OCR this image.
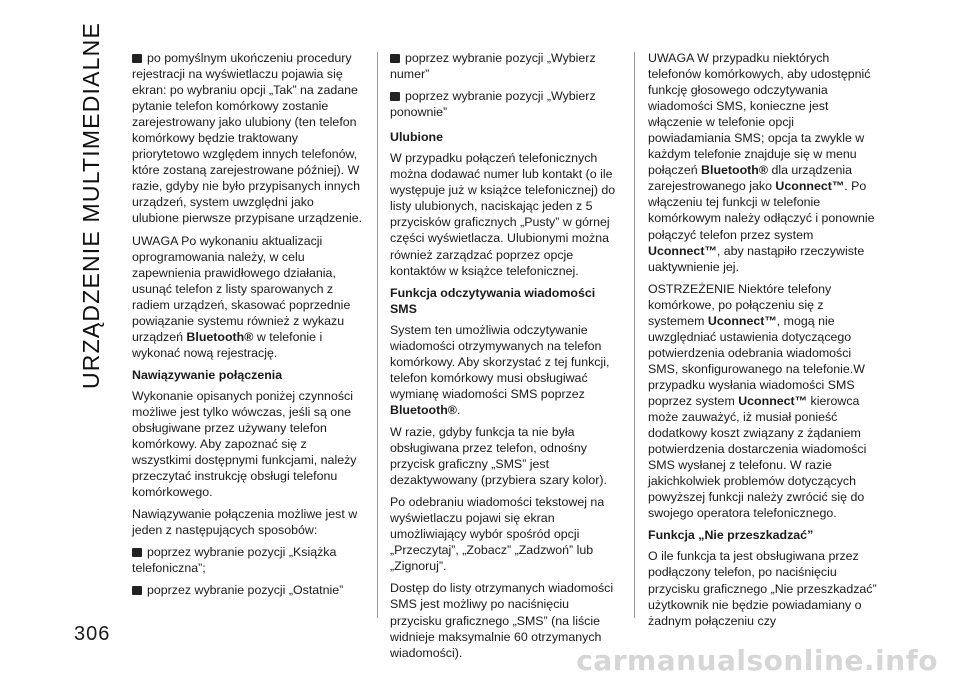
URZĄDZENIE MULTIMEDIALNE	po pomyślnym ukończeniu procedury rejestracji na wyświetlaczu pojawia się ekran: po wybraniu opcji „Tak” na zadane pytanie telefon komórkowy zostanie zarejestrowany jako ulubiony (ten telefon komórkowy będzie traktowany priorytetowo względem innych telefonów, które zostaną zarejestrowane później). W razie, gdyby nie było przypisanych innych urządzeń, system uwzględni jako ulubione pierwsze przypisane urządzenie.

UWAGA Po wykonaniu aktualizacji oprogramowania należy, w celu zapewnienia prawidłowego działania, usunąć telefon z listy sparowanych z radiem urządzeń, skasować poprzednie powiązanie systemu również z wykazu urządzeń Bluetooth® w telefonie i wykonać nową rejestrację.

Nawiązywanie połączenia

Wykonanie opisanych poniżej czynności możliwe jest tylko wówczas, jeśli są one obsługiwane przez używany telefon komórkowy. Aby zapoznać się z wszystkimi dostępnymi funkcjami, należy przeczytać instrukcję obsługi telefonu komórkowego.

Nawiązywanie połączenia możliwe jest w jeden z następujących sposobów:

poprzez wybranie pozycji „Książka telefoniczna”;

poprzez wybranie pozycji „Ostatnie”

poprzez wybranie pozycji „Wybierz numer”

poprzez wybranie pozycji „Wybierz ponownie”

Ulubione

W przypadku połączeń telefonicznych można dodawać numer lub kontakt (o ile występuje już w książce telefonicznej) do listy ulubionych, naciskając jeden z 5 przycisków graficznych „Pusty” w górnej części wyświetlacza. Ulubionymi można również zarządzać poprzez opcje kontaktów w książce telefonicznej.

Funkcja odczytywania wiadomości SMS

System ten umożliwia odczytywanie wiadomości otrzymywanych na telefon komórkowy. Aby skorzystać z tej funkcji, telefon komórkowy musi obsługiwać wymianę wiadomości SMS poprzez Bluetooth®.

W razie, gdyby funkcja ta nie była obsługiwana przez telefon, odnośny przycisk graficzny „SMS” jest dezaktywowany (przybiera szary kolor).

Po odebraniu wiadomości tekstowej na wyświetlaczu pojawi się ekran umożliwiający wybór spośród opcji „Przeczytaj”, „Zobacz” „Zadzwoń” lub „Zignoruj”.

Dostęp do listy otrzymanych wiadomości SMS jest możliwy po naciśnięciu przycisku graficznego „SMS” (na liście widnieje maksymalnie 60 otrzymanych wiadomości).

UWAGA W przypadku niektórych telefonów komórkowych, aby udostępnić funkcję głosowego odczytywania wiadomości SMS, konieczne jest włączenie w telefonie opcji powiadamiania SMS; opcja ta zwykle w każdym telefonie znajduje się w menu połączeń Bluetooth® dla urządzenia zarejestrowanego jako Uconnect™. Po włączeniu tej funkcji w telefonie komórkowym należy odłączyć i ponownie połączyć telefon przez system Uconnect™, aby nastąpiło rzeczywiste uaktywnienie jej.

OSTRZEŻENIE Niektóre telefony komórkowe, po połączeniu się z systemem Uconnect™, mogą nie uwzględniać ustawienia dotyczącego potwierdzenia odebrania wiadomości SMS, skonfigurowanego na telefonie.W przypadku wysłania wiadomości SMS poprzez system Uconnect™ kierowca może zauważyć, iż musiał ponieść dodatkowy koszt związany z żądaniem potwierdzenia dostarczenia wiadomości SMS wysłanej z telefonu. W razie jakichkolwiek problemów dotyczących powyższej funkcji należy zwrócić się do swojego operatora telefonicznego.

Funkcja „Nie przeszkadzać”

O ile funkcja ta jest obsługiwana przez podłączony telefon, po naciśnięciu przycisku graficznego „Nie przeszkadzać” użytkownik nie będzie powiadamiany o żadnym połączeniu czy

306
carmanualsonline.info
